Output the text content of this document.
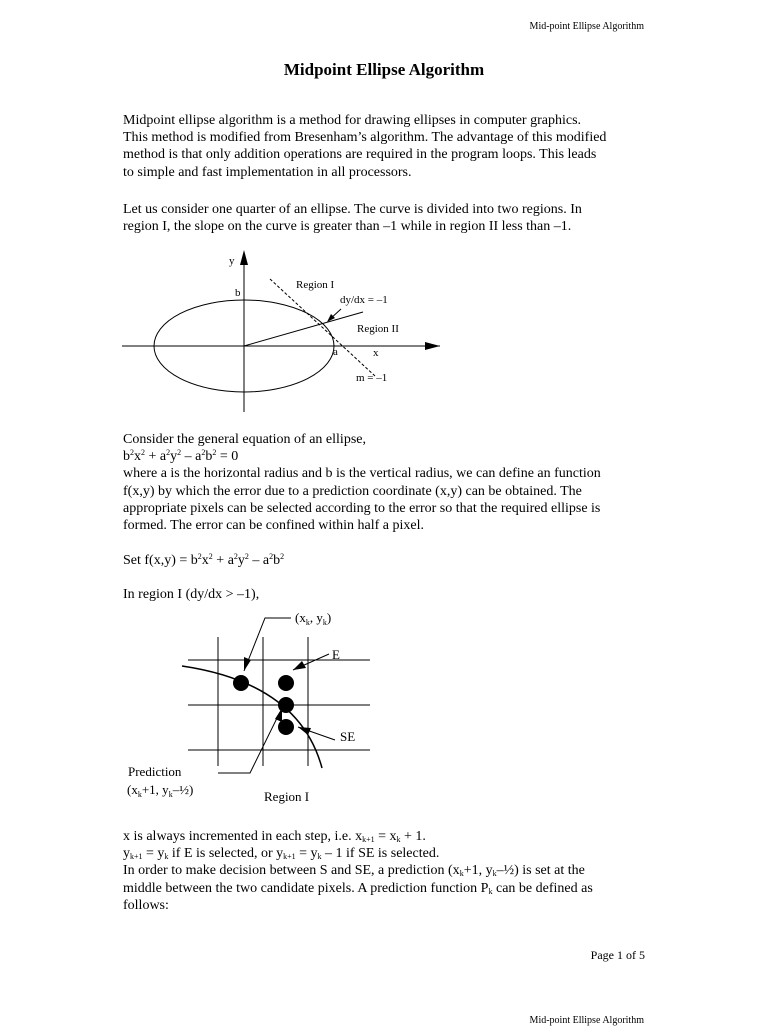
Mid-point Ellipse Algorithm
Midpoint Ellipse Algorithm
Midpoint ellipse algorithm is a method for drawing ellipses in computer graphics.
This method is modified from Bresenham’s algorithm. The advantage of this modified
method is that only addition operations are required in the program loops. This leads
to simple and fast implementation in all processors.
Let us consider one quarter of an ellipse. The curve is divided into two regions. In
region I, the slope on the curve is greater than –1 while in region II less than –1.
y
b
a	x
Region I
dy/dx = –1
Region II
m = –1
Consider the general equation of an ellipse,
$b^2x^2 + a^2y^2 - a^2b^2 = 0$
where a is the horizontal radius and b is the vertical radius, we can define an function
f(x,y) by which the error due to a prediction coordinate (x,y) can be obtained. The
appropriate pixels can be selected according to the error so that the required ellipse is
formed. The error can be confined within half a pixel.
Set $f(x,y) = b^2x^2 + a^2y^2 - a^2b^2$
In region I (dy/dx > –1),
($x_k$, $y_k$)
E
SE
Prediction
($x_k+1$, $y_k-\frac{1}{2}$)	Region I
x is always incremented in each step, i.e. $x_{k+1} = x_k + 1$.
$y_{k+1} = y_k$ if E is selected, or $y_{k+1} = y_k - 1$ if SE is selected.
In order to make decision between S and SE, a prediction ($x_k+1$, $y_k-\frac{1}{2}$) is set at the
middle between the two candidate pixels. A prediction function $P_k$ can be defined as
follows:
Page 1 of 5
Mid-point Ellipse Algorithm
